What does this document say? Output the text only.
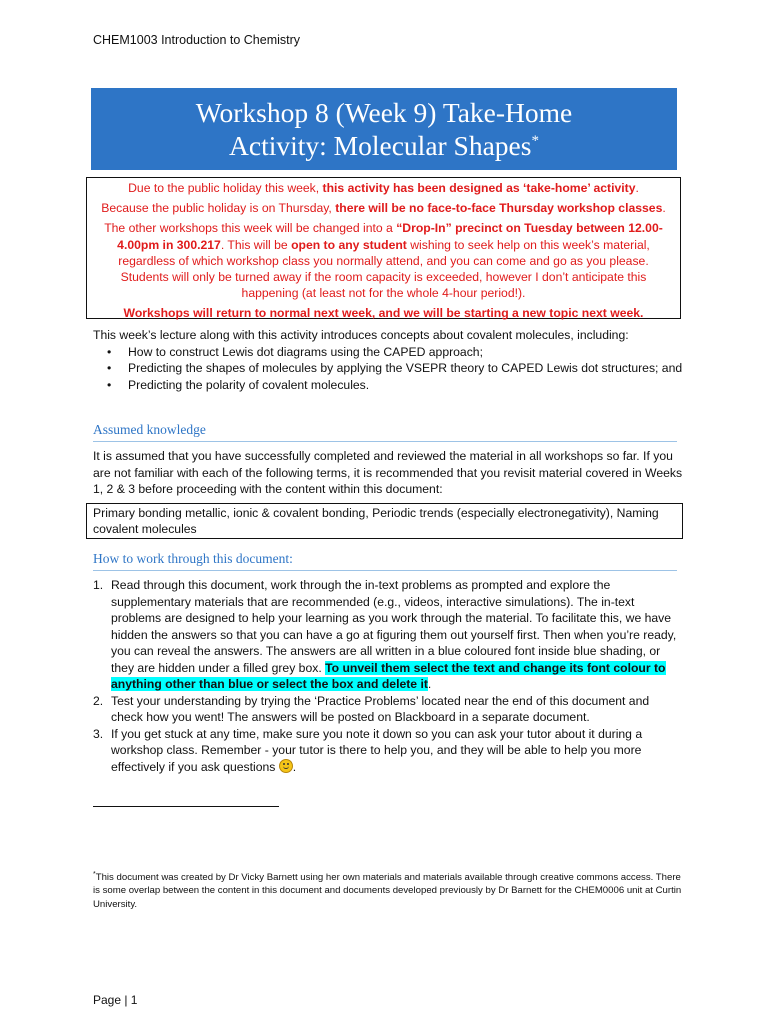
CHEM1003 Introduction to Chemistry
Workshop 8 (Week 9) Take-Home
Activity: Molecular Shapes*

Due to the public holiday this week, this activity has been designed as ‘take-home’ activity.

Because the public holiday is on Thursday, there will be no face-to-face Thursday workshop classes.

The other workshops this week will be changed into a “Drop-In” precinct on Tuesday between 12.00-4.00pm in 300.217. This will be open to any student wishing to seek help on this week’s material, regardless of which workshop class you normally attend, and you can come and go as you please. Students will only be turned away if the room capacity is exceeded, however I don’t anticipate this happening (at least not for the whole 4-hour period!).

Workshops will return to normal next week, and we will be starting a new topic next week.

This week’s lecture along with this activity introduces concepts about covalent molecules, including:
• How to construct Lewis dot diagrams using the CAPED approach;
• Predicting the shapes of molecules by applying the VSEPR theory to CAPED Lewis dot structures; and
• Predicting the polarity of covalent molecules.
Assumed knowledge
It is assumed that you have successfully completed and reviewed the material in all workshops so far. If you are not familiar with each of the following terms, it is recommended that you revisit material covered in Weeks 1, 2 & 3 before proceeding with the content within this document:
Primary bonding metallic, ionic & covalent bonding, Periodic trends (especially electronegativity), Naming covalent molecules
How to work through this document:
1. Read through this document, work through the in-text problems as prompted and explore the supplementary materials that are recommended (e.g., videos, interactive simulations). The in-text problems are designed to help your learning as you work through the material. To facilitate this, we have hidden the answers so that you can have a go at figuring them out yourself first. Then when you’re ready, you can reveal the answers. The answers are all written in a blue coloured font inside blue shading, or they are hidden under a filled grey box. To unveil them select the text and change its font colour to anything other than blue or select the box and delete it.
2. Test your understanding by trying the ‘Practice Problems’ located near the end of this document and check how you went! The answers will be posted on Blackboard in a separate document.
3. If you get stuck at any time, make sure you note it down so you can ask your tutor about it during a workshop class. Remember - your tutor is there to help you, and they will be able to help you more effectively if you ask questions .
*This document was created by Dr Vicky Barnett using her own materials and materials available through creative commons access. There is some overlap between the content in this document and documents developed previously by Dr Barnett for the CHEM0006 unit at Curtin University.
Page | 1
